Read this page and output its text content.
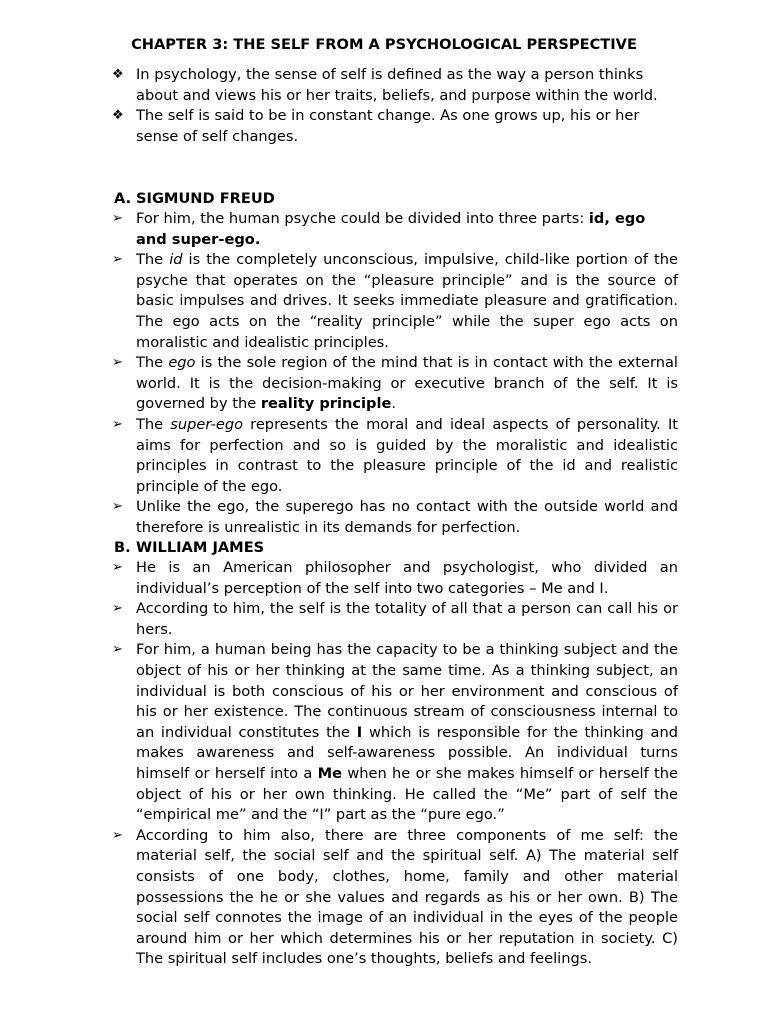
CHAPTER 3: THE SELF FROM A PSYCHOLOGICAL PERSPECTIVE
❖ In psychology, the sense of self is defined as the way a person thinks about and views his or her traits, beliefs, and purpose within the world.
❖ The self is said to be in constant change. As one grows up, his or her sense of self changes.
A. SIGMUND FREUD
➢ For him, the human psyche could be divided into three parts: id, ego and super-ego.
➢ The id is the completely unconscious, impulsive, child-like portion of the psyche that operates on the “pleasure principle” and is the source of basic impulses and drives. It seeks immediate pleasure and gratification. The ego acts on the “reality principle” while the super ego acts on moralistic and idealistic principles.
➢ The ego is the sole region of the mind that is in contact with the external world. It is the decision-making or executive branch of the self. It is governed by the reality principle.
➢ The super-ego represents the moral and ideal aspects of personality. It aims for perfection and so is guided by the moralistic and idealistic principles in contrast to the pleasure principle of the id and realistic principle of the ego.
➢ Unlike the ego, the superego has no contact with the outside world and therefore is unrealistic in its demands for perfection.
B. WILLIAM JAMES
➢ He is an American philosopher and psychologist, who divided an individual’s perception of the self into two categories – Me and I.
➢ According to him, the self is the totality of all that a person can call his or hers.
➢ For him, a human being has the capacity to be a thinking subject and the object of his or her thinking at the same time. As a thinking subject, an individual is both conscious of his or her environment and conscious of his or her existence. The continuous stream of consciousness internal to an individual constitutes the I which is responsible for the thinking and makes awareness and self-awareness possible. An individual turns himself or herself into a Me when he or she makes himself or herself the object of his or her own thinking. He called the “Me” part of self the “empirical me” and the “I” part as the “pure ego.”
➢ According to him also, there are three components of me self: the material self, the social self and the spiritual self. A) The material self consists of one body, clothes, home, family and other material possessions the he or she values and regards as his or her own. B) The social self connotes the image of an individual in the eyes of the people around him or her which determines his or her reputation in society. C) The spiritual self includes one’s thoughts, beliefs and feelings.
